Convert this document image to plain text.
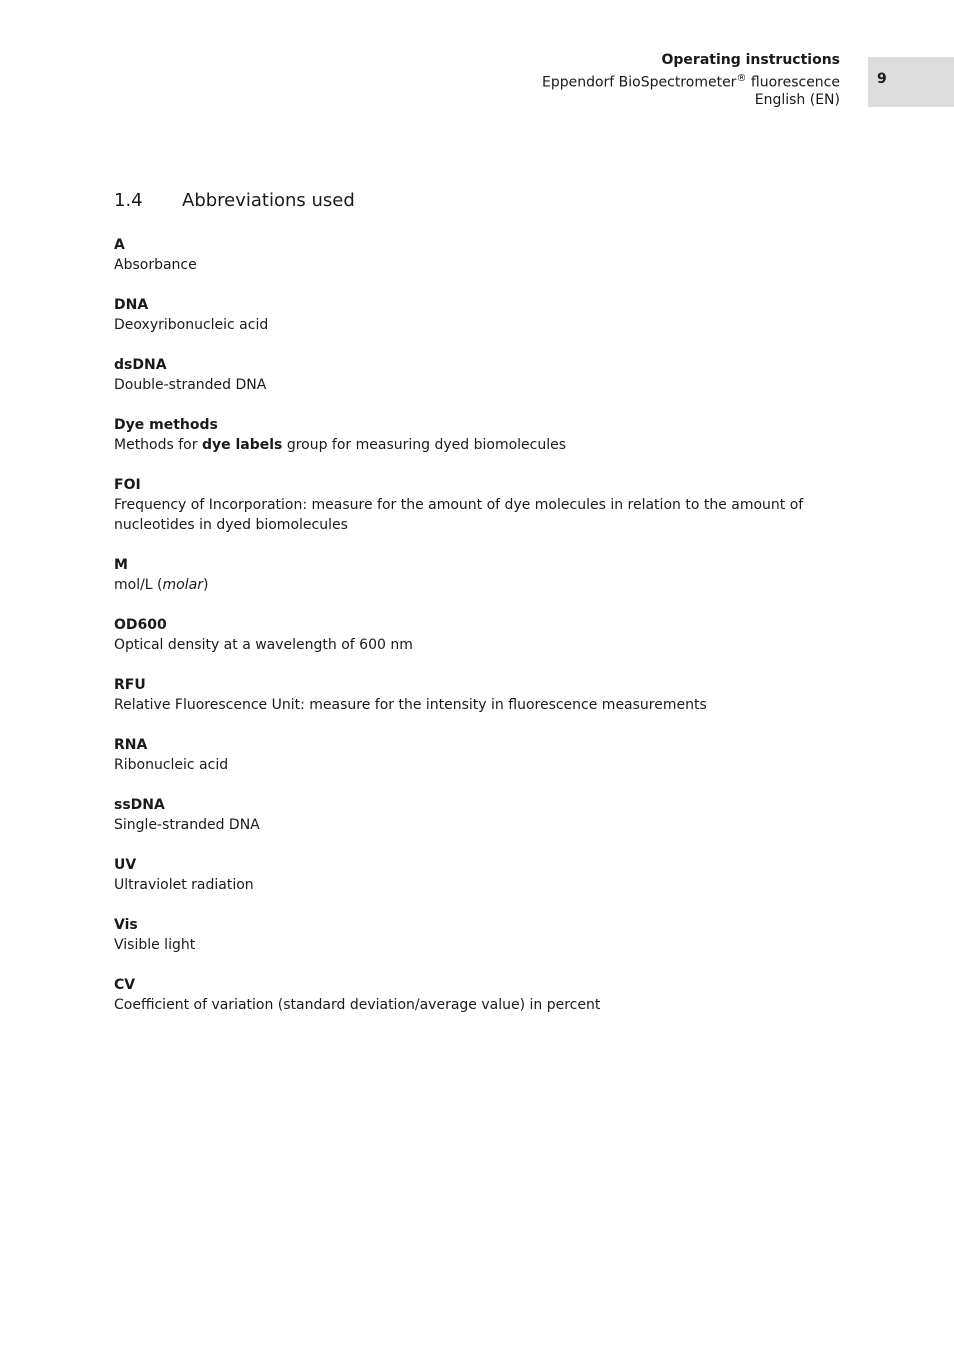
Operating instructions
Eppendorf BioSpectrometer® fluorescence
English (EN)
9
1.4 Abbreviations used
A
Absorbance
DNA
Deoxyribonucleic acid
dsDNA
Double-stranded DNA
Dye methods
Methods for dye labels group for measuring dyed biomolecules
FOI
Frequency of Incorporation: measure for the amount of dye molecules in relation to the amount of
nucleotides in dyed biomolecules
M
mol/L (molar)
OD600
Optical density at a wavelength of 600 nm
RFU
Relative Fluorescence Unit: measure for the intensity in fluorescence measurements
RNA
Ribonucleic acid
ssDNA
Single-stranded DNA
UV
Ultraviolet radiation
Vis
Visible light
CV
Coefficient of variation (standard deviation/average value) in percent
